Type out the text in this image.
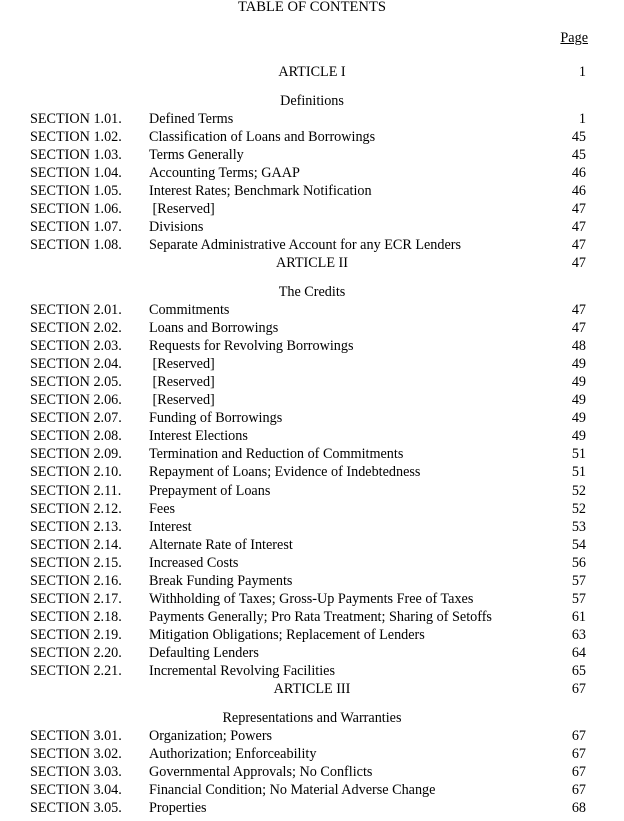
TABLE OF CONTENTS
Page
ARTICLE I	1
Definitions
SECTION 1.01. Defined Terms	1
SECTION 1.02. Classification of Loans and Borrowings	45
SECTION 1.03. Terms Generally	45
SECTION 1.04. Accounting Terms; GAAP	46
SECTION 1.05. Interest Rates; Benchmark Notification	46
SECTION 1.06. [Reserved]	47
SECTION 1.07. Divisions	47
SECTION 1.08. Separate Administrative Account for any ECR Lenders	47
ARTICLE II	47
The Credits
SECTION 2.01. Commitments	47
SECTION 2.02. Loans and Borrowings	47
SECTION 2.03. Requests for Revolving Borrowings	48
SECTION 2.04. [Reserved]	49
SECTION 2.05. [Reserved]	49
SECTION 2.06. [Reserved]	49
SECTION 2.07. Funding of Borrowings	49
SECTION 2.08. Interest Elections	49
SECTION 2.09. Termination and Reduction of Commitments	51
SECTION 2.10. Repayment of Loans; Evidence of Indebtedness	51
SECTION 2.11. Prepayment of Loans	52
SECTION 2.12. Fees	52
SECTION 2.13. Interest	53
SECTION 2.14. Alternate Rate of Interest	54
SECTION 2.15. Increased Costs	56
SECTION 2.16. Break Funding Payments	57
SECTION 2.17. Withholding of Taxes; Gross-Up Payments Free of Taxes	57
SECTION 2.18. Payments Generally; Pro Rata Treatment; Sharing of Setoffs	61
SECTION 2.19. Mitigation Obligations; Replacement of Lenders	63
SECTION 2.20. Defaulting Lenders	64
SECTION 2.21. Incremental Revolving Facilities	65
ARTICLE III	67
Representations and Warranties
SECTION 3.01. Organization; Powers	67
SECTION 3.02. Authorization; Enforceability	67
SECTION 3.03. Governmental Approvals; No Conflicts	67
SECTION 3.04. Financial Condition; No Material Adverse Change	67
SECTION 3.05. Properties	68
